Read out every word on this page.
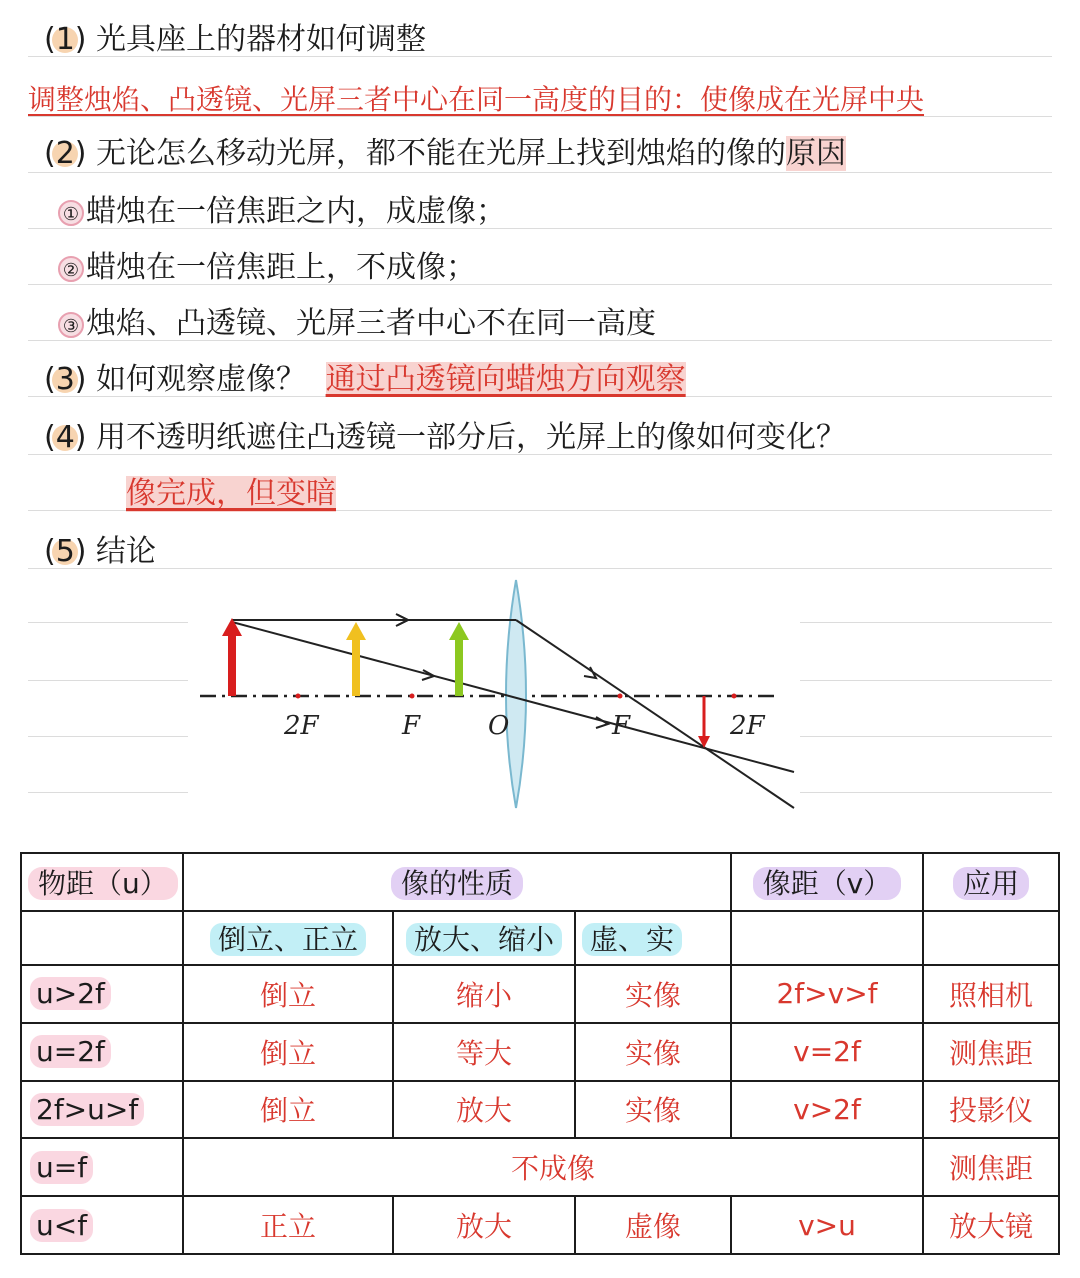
(1) 光具座上的器材如何调整
调整烛焰、凸透镜、光屏三者中心在同一高度的目的：使像成在光屏中央
(2) 无论怎么移动光屏，都不能在光屏上找到烛焰的像的原因
① 蜡烛在一倍焦距之内，成虚像；
② 蜡烛在一倍焦距上，不成像；
③ 烛焰、凸透镜、光屏三者中心不在同一高度
(3) 如何观察虚像？ 通过凸透镜向蜡烛方向观察
(4) 用不透明纸遮住凸透镜一部分后，光屏上的像如何变化？
像完成，但变暗
(5) 结论
2F	F	O	F	2F
物距（u）	像的性质			像距（v）	应用
	倒立、正立	放大、缩小	虚、实		
u>2f	倒立	缩小	实像	2f>v>f	照相机
u=2f	倒立	等大	实像	v=2f	测焦距
2f>u>f	倒立	放大	实像	v>2f	投影仪
u=f	不成像				测焦距
u<f	正立	放大	虚像	v>u	放大镜
